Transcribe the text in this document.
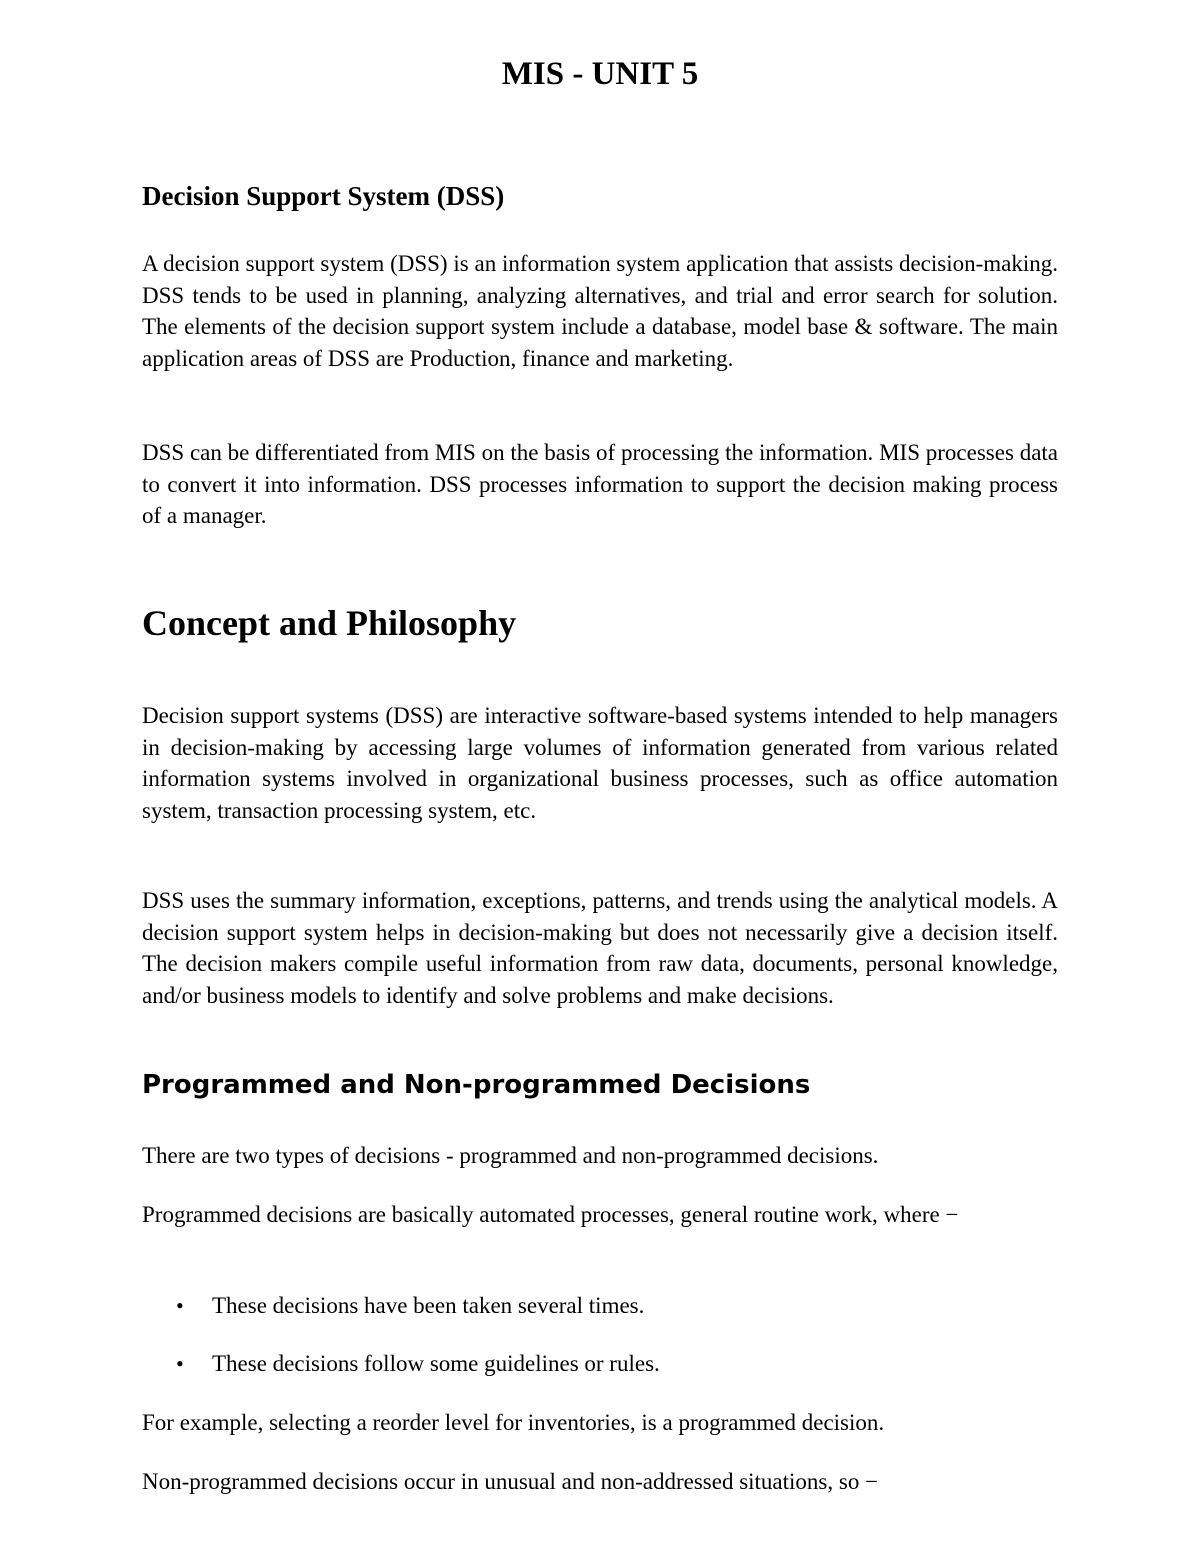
MIS - UNIT 5
Decision Support System (DSS)

A decision support system (DSS) is an information system application that assists decision-making. DSS tends to be used in planning, analyzing alternatives, and trial and error search for solution. The elements of the decision support system include a database, model base & software. The main application areas of DSS are Production, finance and marketing.

DSS can be differentiated from MIS on the basis of processing the information. MIS processes data to convert it into information. DSS processes information to support the decision making process of a manager.

Concept and Philosophy

Decision support systems (DSS) are interactive software-based systems intended to help managers in decision-making by accessing large volumes of information generated from various related information systems involved in organizational business processes, such as office automation system, transaction processing system, etc.

DSS uses the summary information, exceptions, patterns, and trends using the analytical models. A decision support system helps in decision-making but does not necessarily give a decision itself. The decision makers compile useful information from raw data, documents, personal knowledge, and/or business models to identify and solve problems and make decisions.

Programmed and Non-programmed Decisions

There are two types of decisions - programmed and non-programmed decisions.

Programmed decisions are basically automated processes, general routine work, where −

• These decisions have been taken several times.
• These decisions follow some guidelines or rules.

For example, selecting a reorder level for inventories, is a programmed decision.

Non-programmed decisions occur in unusual and non-addressed situations, so −
